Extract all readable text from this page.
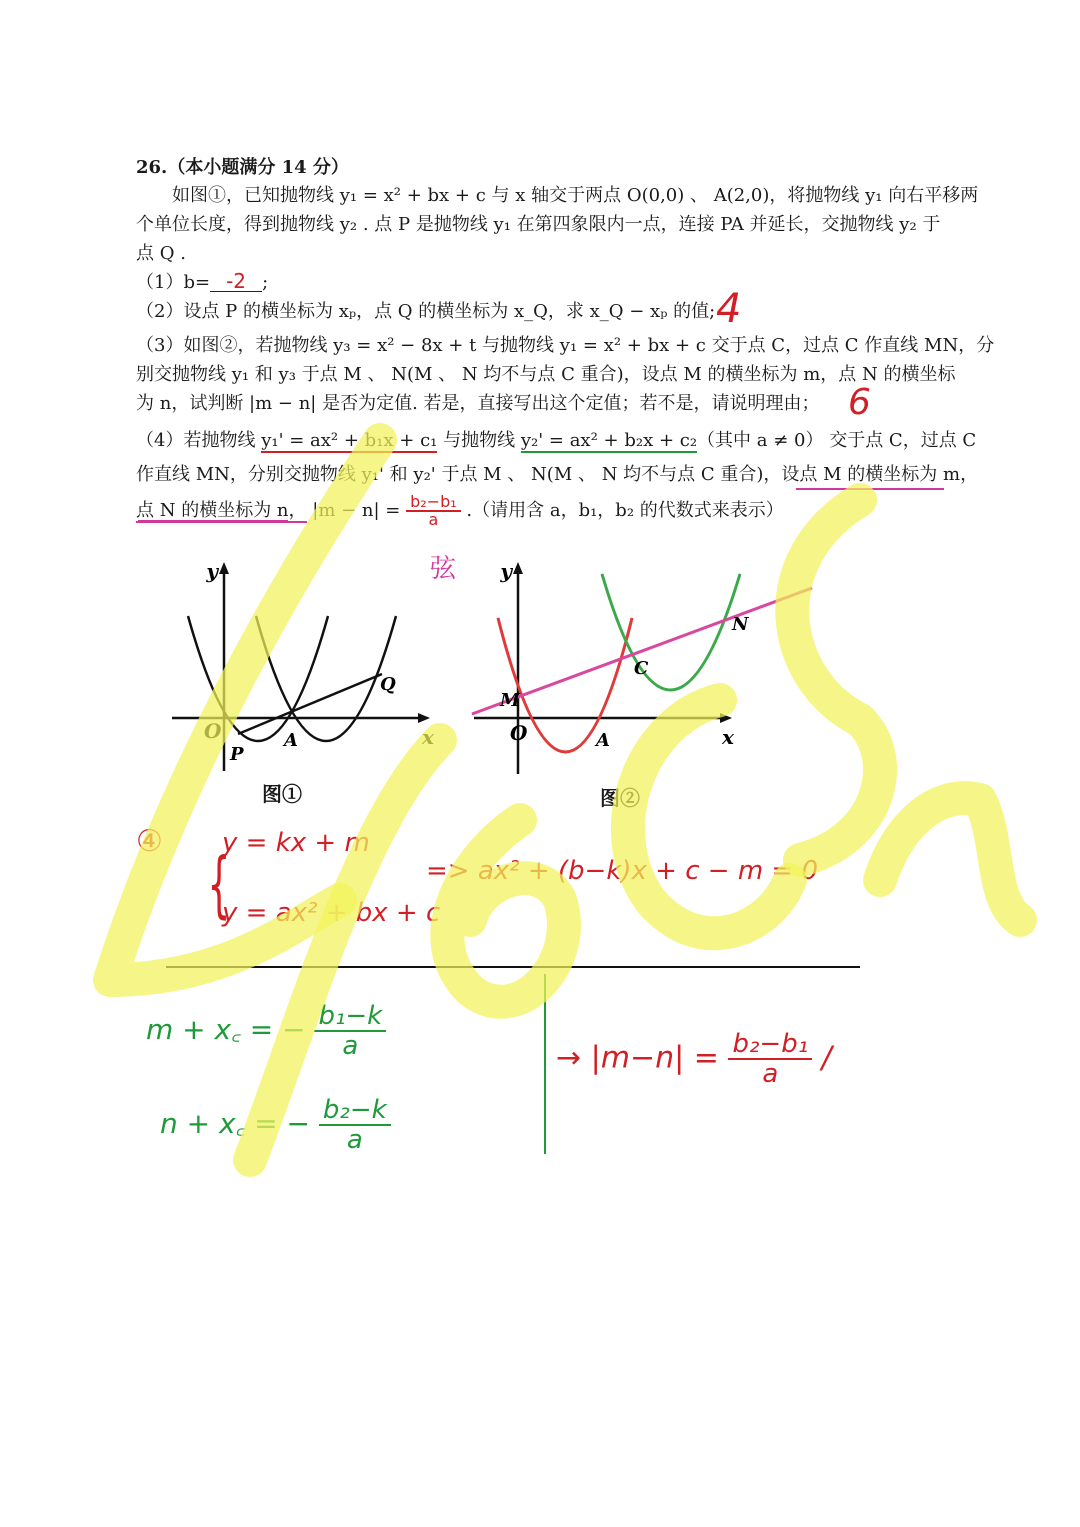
26.（本小题满分 14 分）
如图①，已知抛物线 y₁ = x² + bx + c 与 x 轴交于两点 O(0,0) 、 A(2,0)，将抛物线 y₁ 向右平移两
个单位长度，得到抛物线 y₂ . 点 P 是抛物线 y₁ 在第四象限内一点，连接 PA 并延长，交抛物线 y₂ 于
点 Q .
（1）b= -2 ;
（2）设点 P 的横坐标为 xₚ，点 Q 的横坐标为 x_Q，求 x_Q − xₚ 的值; 4
（3）如图②，若抛物线 y₃ = x² − 8x + t 与抛物线 y₁ = x² + bx + c 交于点 C，过点 C 作直线 MN，分
别交抛物线 y₁ 和 y₃ 于点 M 、 N(M 、 N 均不与点 C 重合)，设点 M 的横坐标为 m，点 N 的横坐标
为 n，试判断 |m − n| 是否为定值. 若是，直接写出这个定值；若不是，请说明理由； 6
（4）若抛物线 y₁' = ax² + b₁x + c₁ 与抛物线 y₂' = ax² + b₂x + c₂（其中 a ≠ 0） 交于点 C，过点 C
作直线 MN，分别交抛物线 y₁' 和 y₂' 于点 M 、 N(M 、 N 均不与点 C 重合)，设点 M 的横坐标为 m，
点 N 的横坐标为 n， $|m - n| = \frac{\text{b₂−b₁}}{a}$ .（请用含 a，b₁，b₂ 的代数式来表示）
弦
y
x
O
P
A
Q
图①
y
x
O	A
M
C
N
图②
④
{
y = kx + m
y = ax² + bx + c
=> ax² + (b−k)x + c − m = 0
m + x꜀ = − $\frac{\text{b₁−k}}{a}$
n + x꜀ = − $\frac{\text{b₂−k}}{a}$
→ $|m-n| = \frac{\text{b₂−b₁}}{a}$ /
